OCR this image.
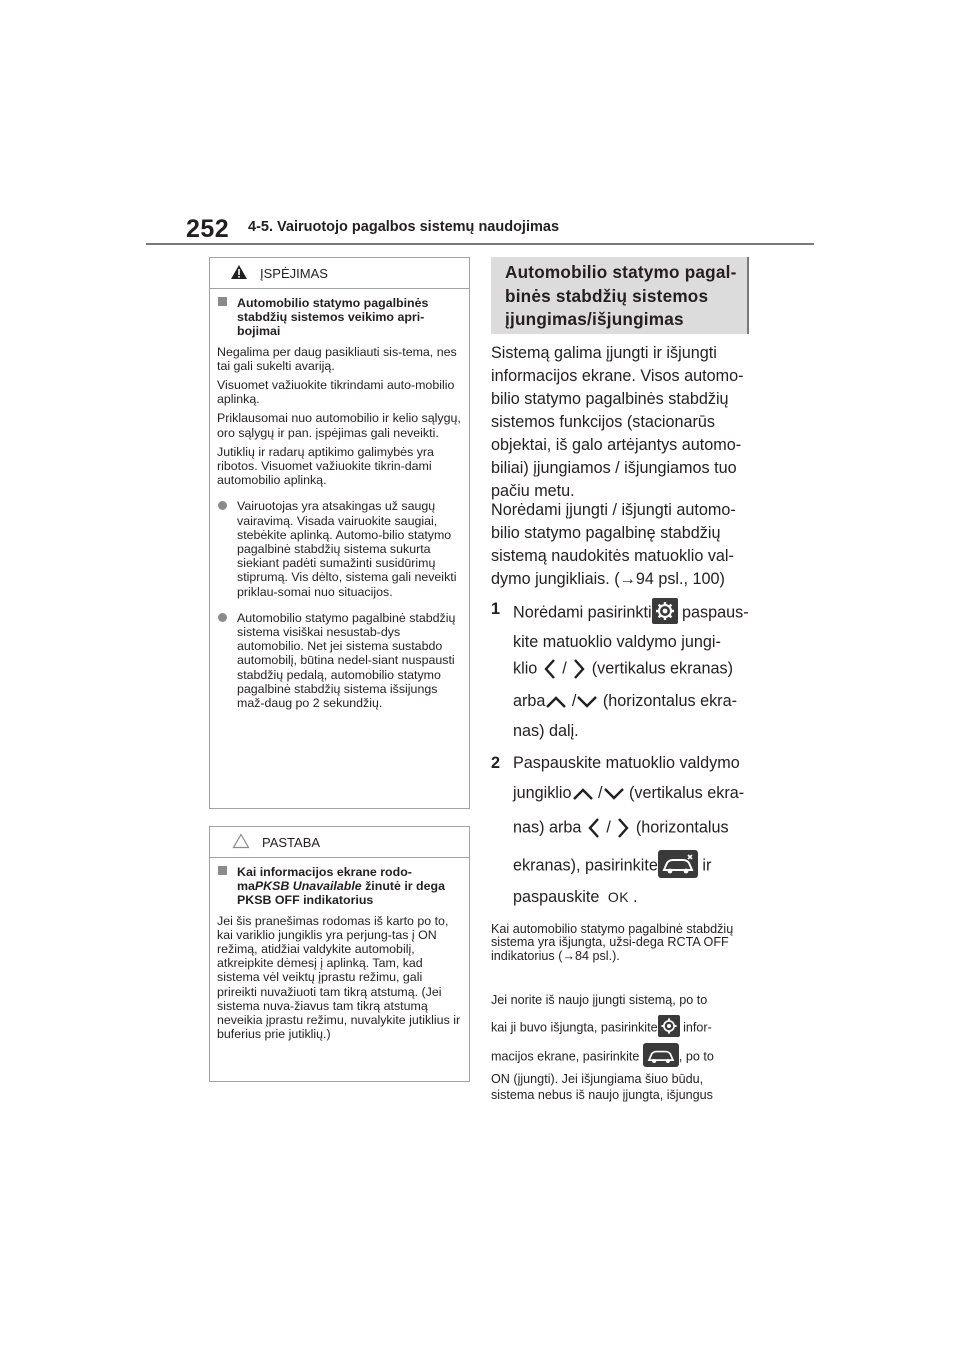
252 4-5. Vairuotojo pagalbos sistemų naudojimas
ĮSPĖJIMAS
Automobilio statymo pagalbinės stabdžių sistemos veikimo apri-bojimai

Negalima per daug pasikliauti sis-tema, nes tai gali sukelti avariją.

Visuomet važiuokite tikrindami auto-mobilio aplinką.

Priklausomai nuo automobilio ir kelio sąlygų, oro sąlygų ir pan. įspėjimas gali neveikti.

Jutiklių ir radarų aptikimo galimybės yra ribotos. Visuomet važiuokite tikrin-dami automobilio aplinką.

Vairuotojas yra atsakingas už saugų vairavimą. Visada vairuokite saugiai, stebėkite aplinką. Automo-bilio statymo pagalbinė stabdžių sistema sukurta siekiant padėti sumažinti susidūrimų stiprumą. Vis dėlto, sistema gali neveikti priklau-somai nuo situacijos.
Automobilio statymo pagalbinė stabdžių sistema visiškai nesustab-dys automobilio. Net jei sistema sustabdo automobilį, būtina nedel-siant nuspausti stabdžių pedalą, automobilio statymo pagalbinė stabdžių sistema išsijungs maž-daug po 2 sekundžių.
PASTABA
Kai informacijos ekrane rodo-maPKSB Unavailable žinutė ir dega PKSB OFF indikatorius

Jei šis pranešimas rodomas iš karto po to, kai variklio jungiklis yra perjung-tas į ON režimą, atidžiai valdykite automobilį, atkreipkite dėmesį į aplinką. Tam, kad sistema vėl veiktų įprastu režimu, gali prireikti nuvažiuoti tam tikrą atstumą. (Jei sistema nuva-žiavus tam tikrą atstumą neveikia įprastu režimu, nuvalykite jutiklius ir buferius prie jutiklių.)

Automobilio statymo pagal-
binės stabdžių sistemos
įjungimas/išjungimas

Sistemą galima įjungti ir išjungti

informacijos ekrane. Visos automo-

bilio statymo pagalbinės stabdžių

sistemos funkcijos (stacionarūs

objektai, iš galo artėjantys automo-

biliai) įjungiamos / išjungiamos tuo

pačiu metu.

Norėdami įjungti / išjungti automo-

bilio statymo pagalbinę stabdžių

sistemą naudokitės matuoklio val-

dymo jungikliais. (→94 psl., 100)

1 Norėdami pasirinkti paspaus-
kite matuoklio valdymo jungi-
klio / (vertikalus ekranas)
arba / (horizontalus ekra-
nas) dalį.
2 Paspauskite matuoklio valdymo
jungiklio / (vertikalus ekra-
nas) arba / (horizontalus
ekranas), pasirinkite ir
paspauskite OK .

Kai automobilio statymo pagalbinė stabdžių sistema yra išjungta, užsi-dega RCTA OFF indikatorius (→84 psl.).

Jei norite iš naujo įjungti sistemą, po to
kai ji buvo išjungta, pasirinkite infor-
macijos ekrane, pasirinkite	, po to
ON (įjungti). Jei išjungiama šiuo būdu,
sistema nebus iš naujo įjungta, išjungus
